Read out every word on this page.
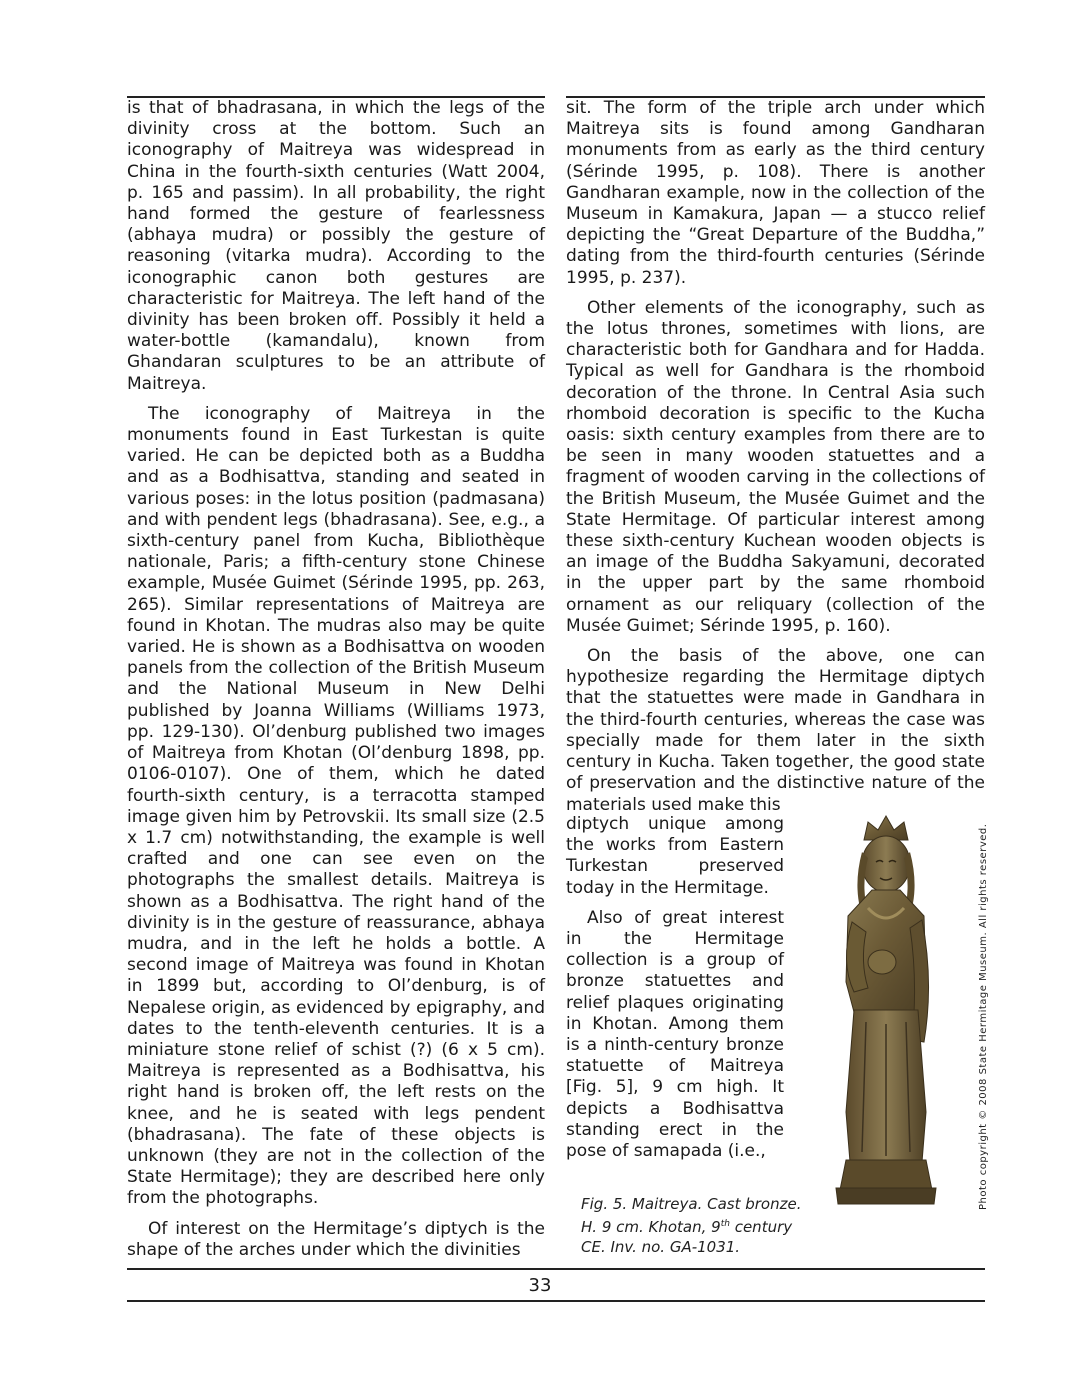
is that of bhadrasana, in which the legs of the divinity cross at the bottom. Such an iconography of Maitreya was widespread in China in the fourth-sixth centuries (Watt 2004, p. 165 and passim). In all probability, the right hand formed the gesture of fearlessness (abhaya mudra) or possibly the gesture of reasoning (vitarka mudra). According to the iconographic canon both gestures are characteristic for Maitreya. The left hand of the divinity has been broken off. Possibly it held a water-bottle (kamandalu), known from Ghandaran sculptures to be an attribute of Maitreya.

The iconography of Maitreya in the monuments found in East Turkestan is quite varied. He can be depicted both as a Buddha and as a Bodhisattva, standing and seated in various poses: in the lotus position (padmasana) and with pendent legs (bhadrasana). See, e.g., a sixth-century panel from Kucha, Bibliothèque nationale, Paris; a fifth-century stone Chinese example, Musée Guimet (Sérinde 1995, pp. 263, 265). Similar representations of Maitreya are found in Khotan. The mudras also may be quite varied. He is shown as a Bodhisattva on wooden panels from the collection of the British Museum and the National Museum in New Delhi published by Joanna Williams (Williams 1973, pp. 129-130). Ol’denburg published two images of Maitreya from Khotan (Ol’denburg 1898, pp. 0106-0107). One of them, which he dated fourth-sixth century, is a terracotta stamped image given him by Petrovskii. Its small size (2.5 x 1.7 cm) notwithstanding, the example is well crafted and one can see even on the photographs the smallest details. Maitreya is shown as a Bodhisattva. The right hand of the divinity is in the gesture of reassurance, abhaya mudra, and in the left he holds a bottle. A second image of Maitreya was found in Khotan in 1899 but, according to Ol’denburg, is of Nepalese origin, as evidenced by epigraphy, and dates to the tenth-eleventh centuries. It is a miniature stone relief of schist (?) (6 x 5 cm). Maitreya is represented as a Bodhisattva, his right hand is broken off, the left rests on the knee, and he is seated with legs pendent (bhadrasana). The fate of these objects is unknown (they are not in the collection of the State Hermitage); they are described here only from the photographs.

Of interest on the Hermitage’s diptych is the shape of the arches under which the divinities

sit. The form of the triple arch under which Maitreya sits is found among Gandharan monuments from as early as the third century (Sérinde 1995, p. 108). There is another Gandharan example, now in the collection of the Museum in Kamakura, Japan — a stucco relief depicting the “Great Departure of the Buddha,” dating from the third-fourth centuries (Sérinde 1995, p. 237).

Other elements of the iconography, such as the lotus thrones, sometimes with lions, are characteristic both for Gandhara and for Hadda. Typical as well for Gandhara is the rhomboid decoration of the throne. In Central Asia such rhomboid decoration is specific to the Kucha oasis: sixth century examples from there are to be seen in many wooden statuettes and a fragment of wooden carving in the collections of the British Museum, the Musée Guimet and the State Hermitage. Of particular interest among these sixth-century Kuchean wooden objects is an image of the Buddha Sakyamuni, decorated in the upper part by the same rhomboid ornament as our reliquary (collection of the Musée Guimet; Sérinde 1995, p. 160).

On the basis of the above, one can hypothesize regarding the Hermitage diptych that the statuettes were made in Gandhara in the third-fourth centuries, whereas the case was specially made for them later in the sixth century in Kucha. Taken together, the good state of preservation and the distinctive nature of the materials used make this

diptych unique among the works from Eastern Turkestan preserved today in the Hermitage.

Also of great interest in the Hermitage collection is a group of bronze statuettes and relief plaques originating in Khotan. Among them is a ninth-century bronze statuette of Maitreya [Fig. 5], 9 cm high. It depicts a Bodhisattva standing erect in the pose of samapada (i.e.,	Photo copyright © 2008 State Hermitage Museum. All rights reserved.
Fig. 5. Maitreya. Cast bronze.
H. 9 cm. Khotan, 9th century
CE. Inv. no. GA-1031.
33
